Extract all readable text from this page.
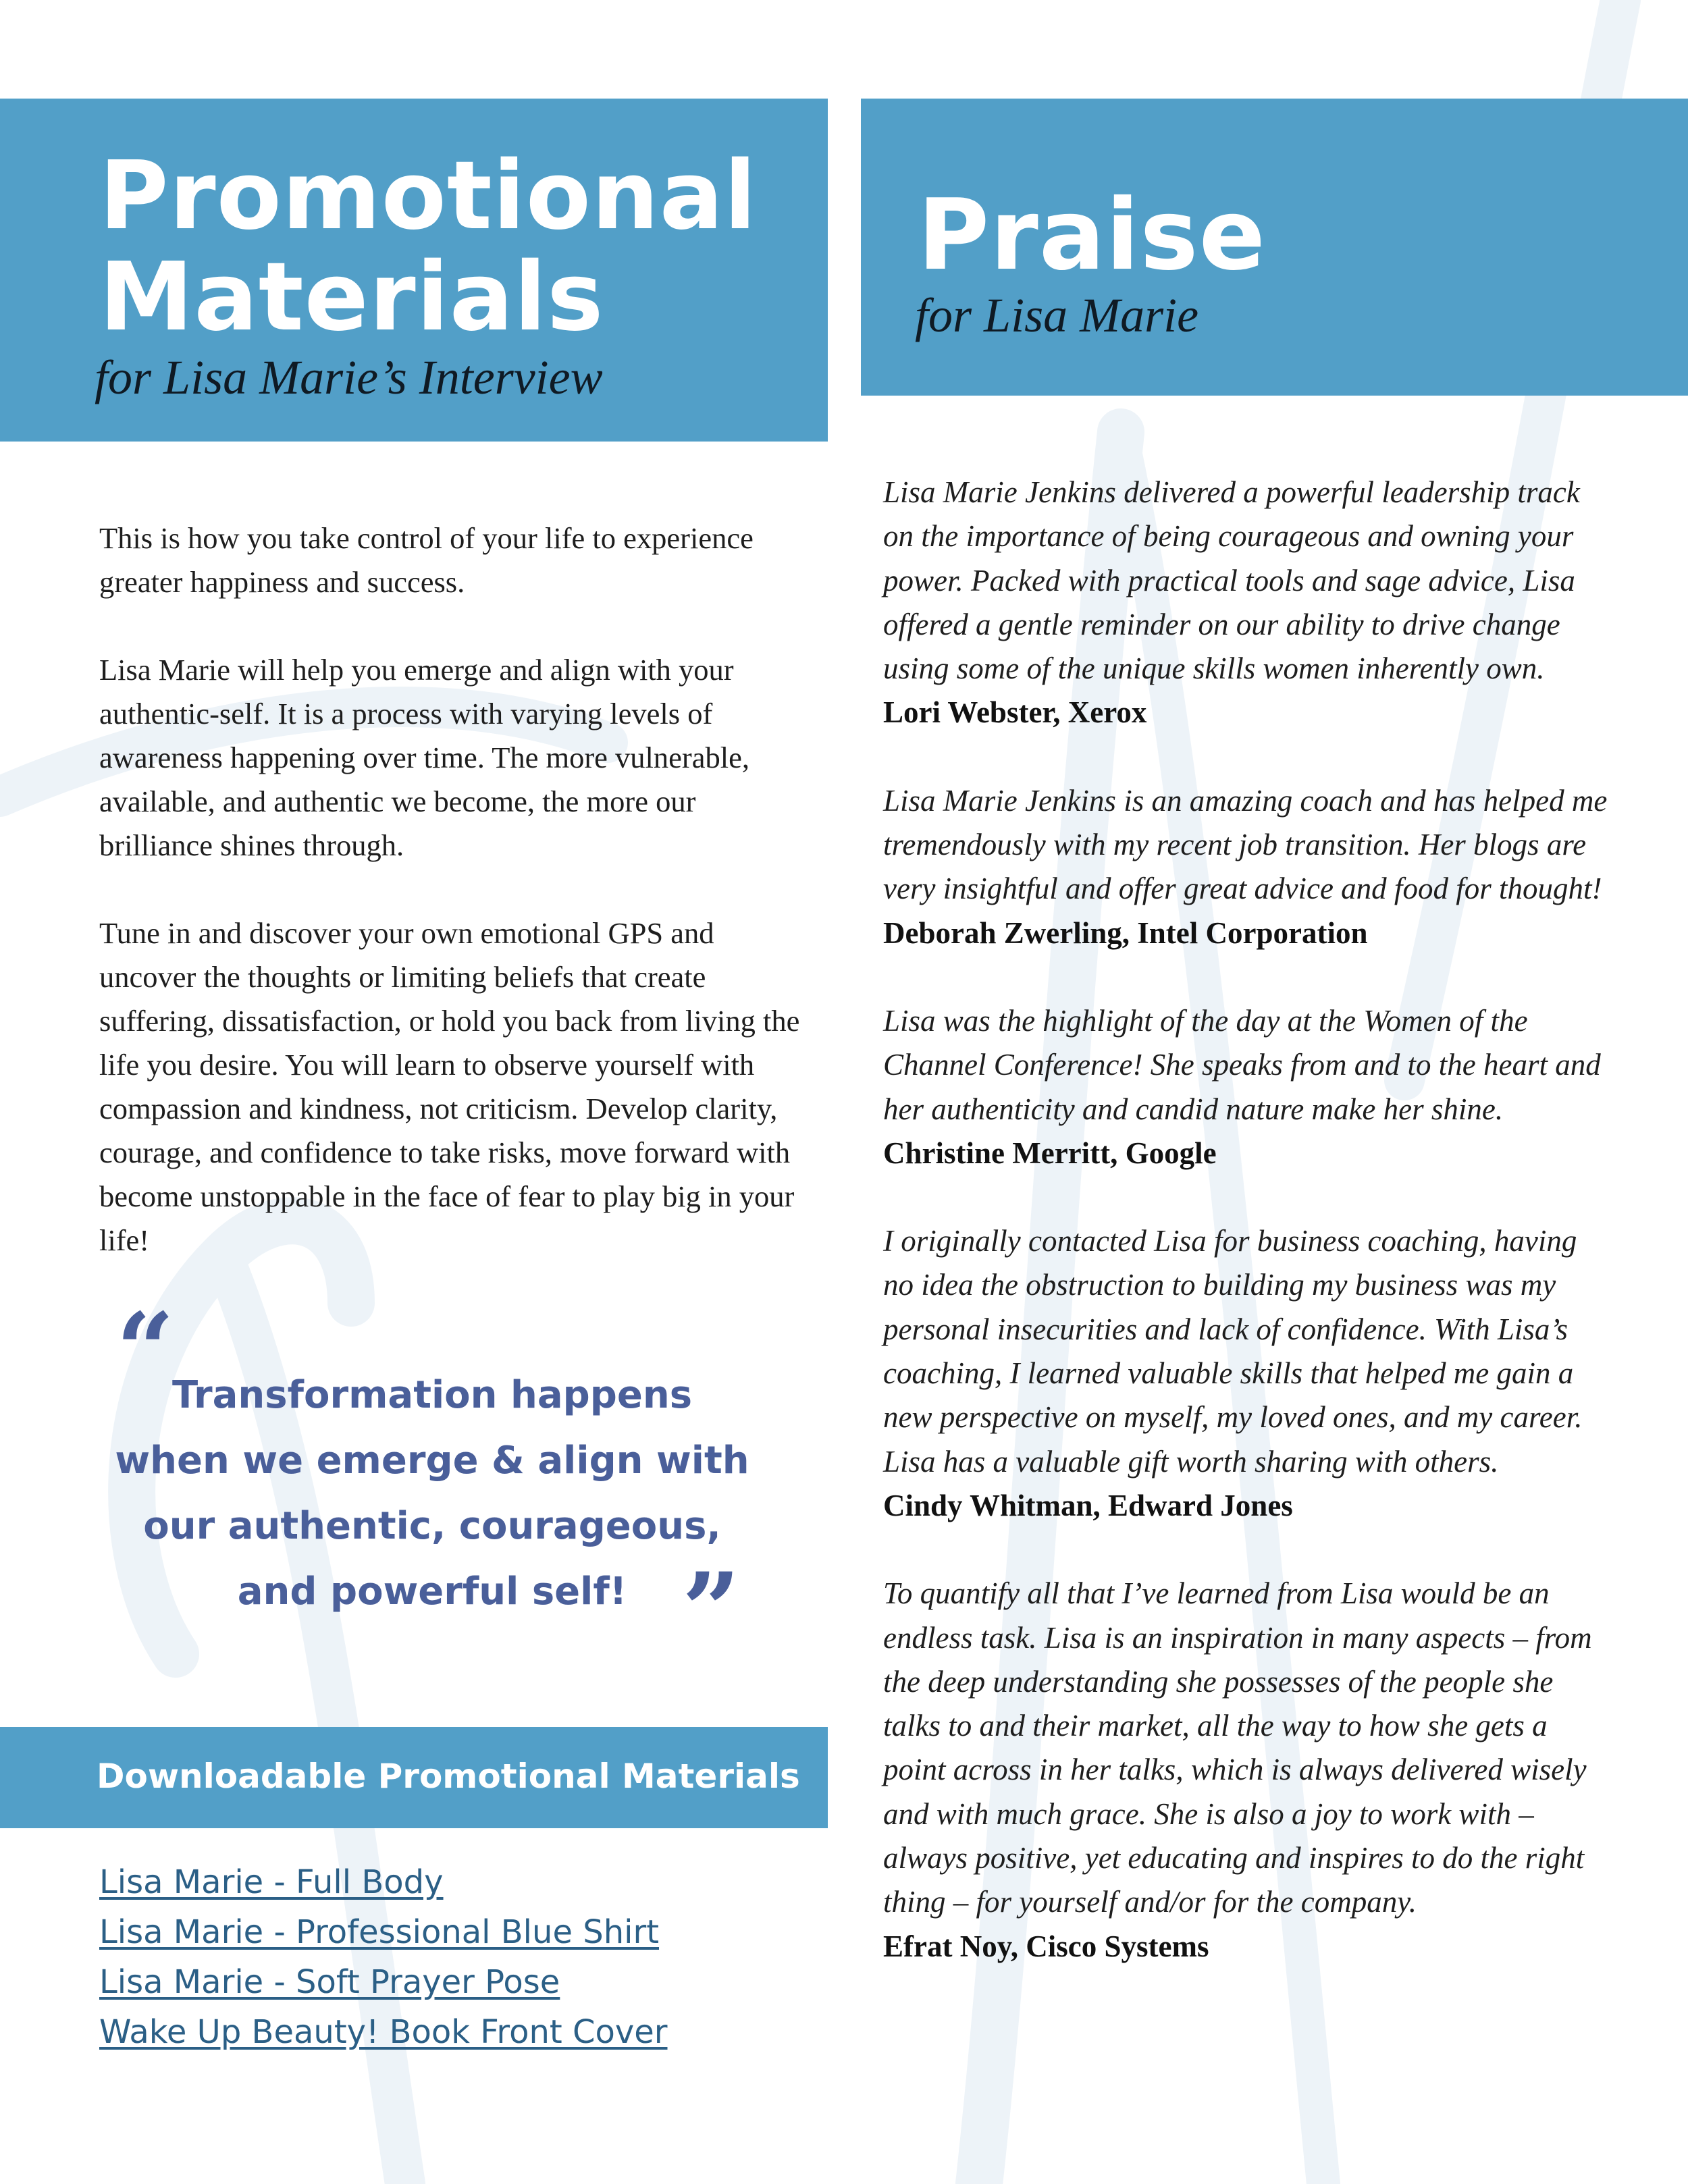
Promotional
Materials
for Lisa Marie’s Interview
Praise
for Lisa Marie

This is how you take control of your life to experience greater happiness and success.

Lisa Marie will help you emerge and align with your authentic-self. It is a process with varying levels of awareness happening over time. The more vulnerable, available, and authentic we become, the more our brilliance shines through.

Tune in and discover your own emotional GPS and uncover the thoughts or limiting beliefs that create suffering, dissatisfaction, or hold you back from living the life you desire. You will learn to observe yourself with compassion and kindness, not criticism. Develop clarity, courage, and confidence to take risks, move forward with become unstoppable in the face of fear to play big in your life!

“

Transformation happens
when we emerge & align with
our authentic, courageous,
and powerful self! ”
Downloadable Promotional Materials
Lisa Marie - Full Body
Lisa Marie - Professional Blue Shirt
Lisa Marie - Soft Prayer Pose
Wake Up Beauty! Book Front Cover

Lisa Marie Jenkins delivered a powerful leadership track on the importance of being courageous and owning your power. Packed with practical tools and sage advice, Lisa offered a gentle reminder on our ability to drive change using some of the unique skills women inherently own.

Lori Webster, Xerox

Lisa Marie Jenkins is an amazing coach and has helped me tremendously with my recent job transition. Her blogs are very insightful and offer great advice and food for thought!

Deborah Zwerling, Intel Corporation

Lisa was the highlight of the day at the Women of the Channel Conference! She speaks from and to the heart and her authenticity and candid nature make her shine.

Christine Merritt, Google

I originally contacted Lisa for business coaching, having no idea the obstruction to building my business was my personal insecurities and lack of confidence. With Lisa’s coaching, I learned valuable skills that helped me gain a new perspective on myself, my loved ones, and my career. Lisa has a valuable gift worth sharing with others.

Cindy Whitman, Edward Jones

To quantify all that I’ve learned from Lisa would be an endless task. Lisa is an inspiration in many aspects – from the deep understanding she possesses of the people she talks to and their market, all the way to how she gets a point across in her talks, which is always delivered wisely and with much grace. She is also a joy to work with – always positive, yet educating and inspires to do the right thing – for yourself and/or for the company.

Efrat Noy, Cisco Systems
